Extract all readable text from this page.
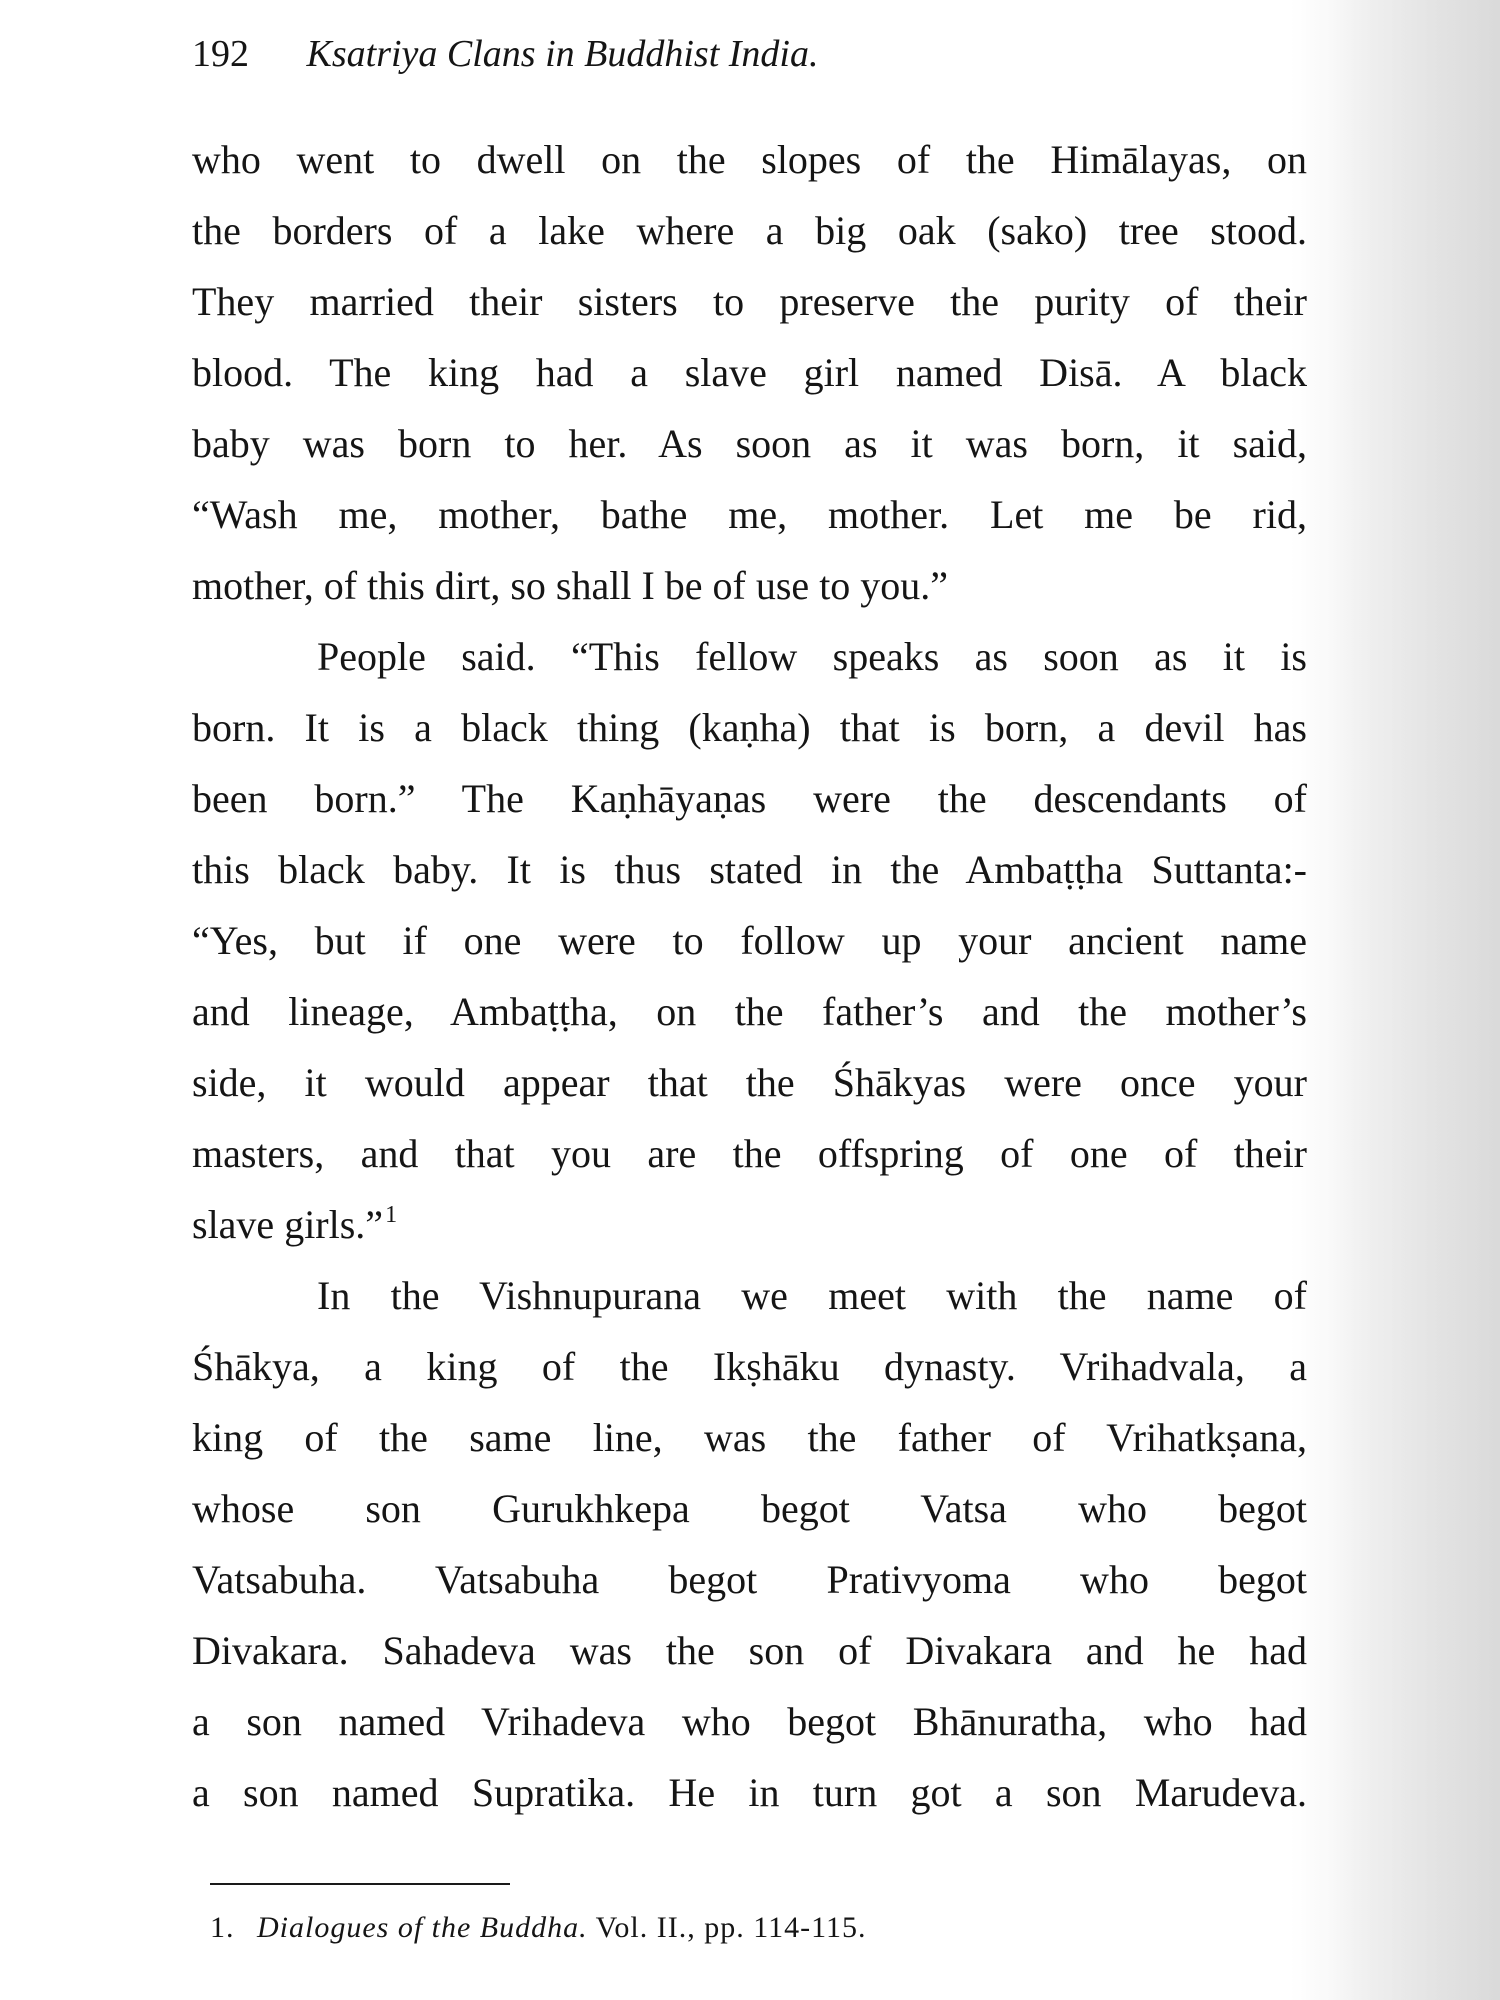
192 Ksatriya Clans in Buddhist India.
who went to dwell on the slopes of the Himālayas, on
the borders of a lake where a big oak (sako) tree stood.
They married their sisters to preserve the purity of their
blood. The king had a slave girl named Disā. A black
baby was born to her. As soon as it was born, it said,
“Wash me, mother, bathe me, mother. Let me be rid,
mother, of this dirt, so shall I be of use to you.”
People said. “This fellow speaks as soon as it is
born. It is a black thing (kaṇha) that is born, a devil has
been born.” The Kaṇhāyaṇas were the descendants of
this black baby. It is thus stated in the Ambaṭṭha Suttanta:-
“Yes, but if one were to follow up your ancient name
and lineage, Ambaṭṭha, on the father’s and the mother’s
side, it would appear that the Śhākyas were once your
masters, and that you are the offspring of one of their
slave girls.”$^1$
In the Vishnupurana we meet with the name of
Śhākya, a king of the Ikṣhāku dynasty. Vrihadvala, a
king of the same line, was the father of Vrihatkṣana,
whose son Gurukhkepa begot Vatsa who begot
Vatsabuha. Vatsabuha begot Prativyoma who begot
Divakara. Sahadeva was the son of Divakara and he had
a son named Vrihadeva who begot Bhānuratha, who had
a son named Supratika. He in turn got a son Marudeva.
1. Dialogues of the Buddha. Vol. II., pp. 114-115.
